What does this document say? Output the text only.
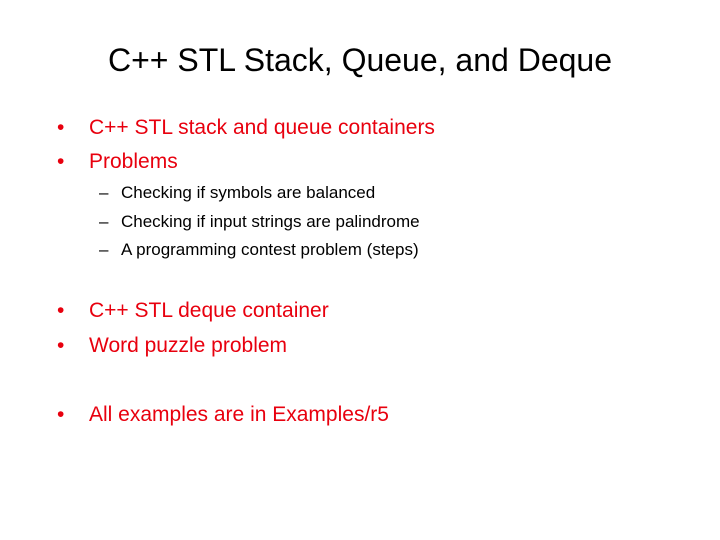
C++ STL Stack, Queue, and Deque
•	C++ STL stack and queue containers
•	Problems
– Checking if symbols are balanced
– Checking if input strings are palindrome
– A programming contest problem (steps)
•	C++ STL deque container
•	Word puzzle problem
•	All examples are in Examples/r5
